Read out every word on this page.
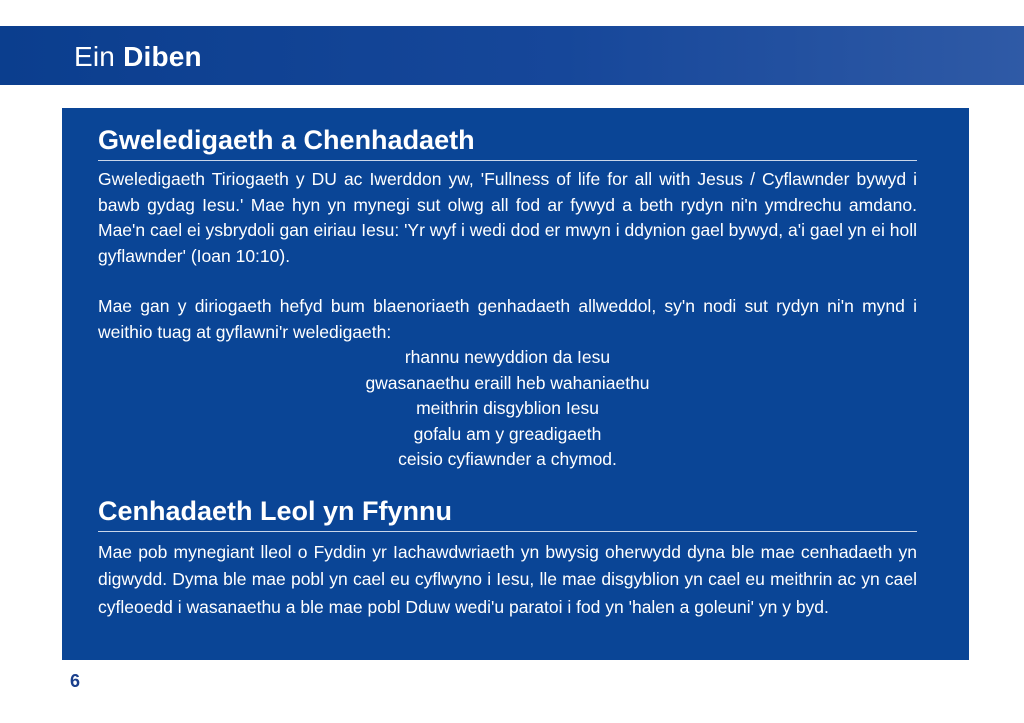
Ein Diben
Gweledigaeth a Chenhadaeth

Gweledigaeth Tiriogaeth y DU ac Iwerddon yw, 'Fullness of life for all with Jesus / Cyflawnder bywyd i bawb gydag Iesu.' Mae hyn yn mynegi sut olwg all fod ar fywyd a beth rydyn ni'n ymdrechu amdano. Mae'n cael ei ysbrydoli gan eiriau Iesu: 'Yr wyf i wedi dod er mwyn i ddynion gael bywyd, a'i gael yn ei holl gyflawnder' (Ioan 10:10).

Mae gan y diriogaeth hefyd bum blaenoriaeth genhadaeth allweddol, sy'n nodi sut rydyn ni'n mynd i weithio tuag at gyflawni'r weledigaeth:

rhannu newyddion da Iesu
gwasanaethu eraill heb wahaniaethu
meithrin disgyblion Iesu
gofalu am y greadigaeth
ceisio cyfiawnder a chymod.
Cenhadaeth Leol yn Ffynnu

Mae pob mynegiant lleol o Fyddin yr Iachawdwriaeth yn bwysig oherwydd dyna ble mae cenhadaeth yn digwydd. Dyma ble mae pobl yn cael eu cyflwyno i Iesu, lle mae disgyblion yn cael eu meithrin ac yn cael cyfleoedd i wasanaethu a ble mae pobl Dduw wedi'u paratoi i fod yn 'halen a goleuni' yn y byd.

6
